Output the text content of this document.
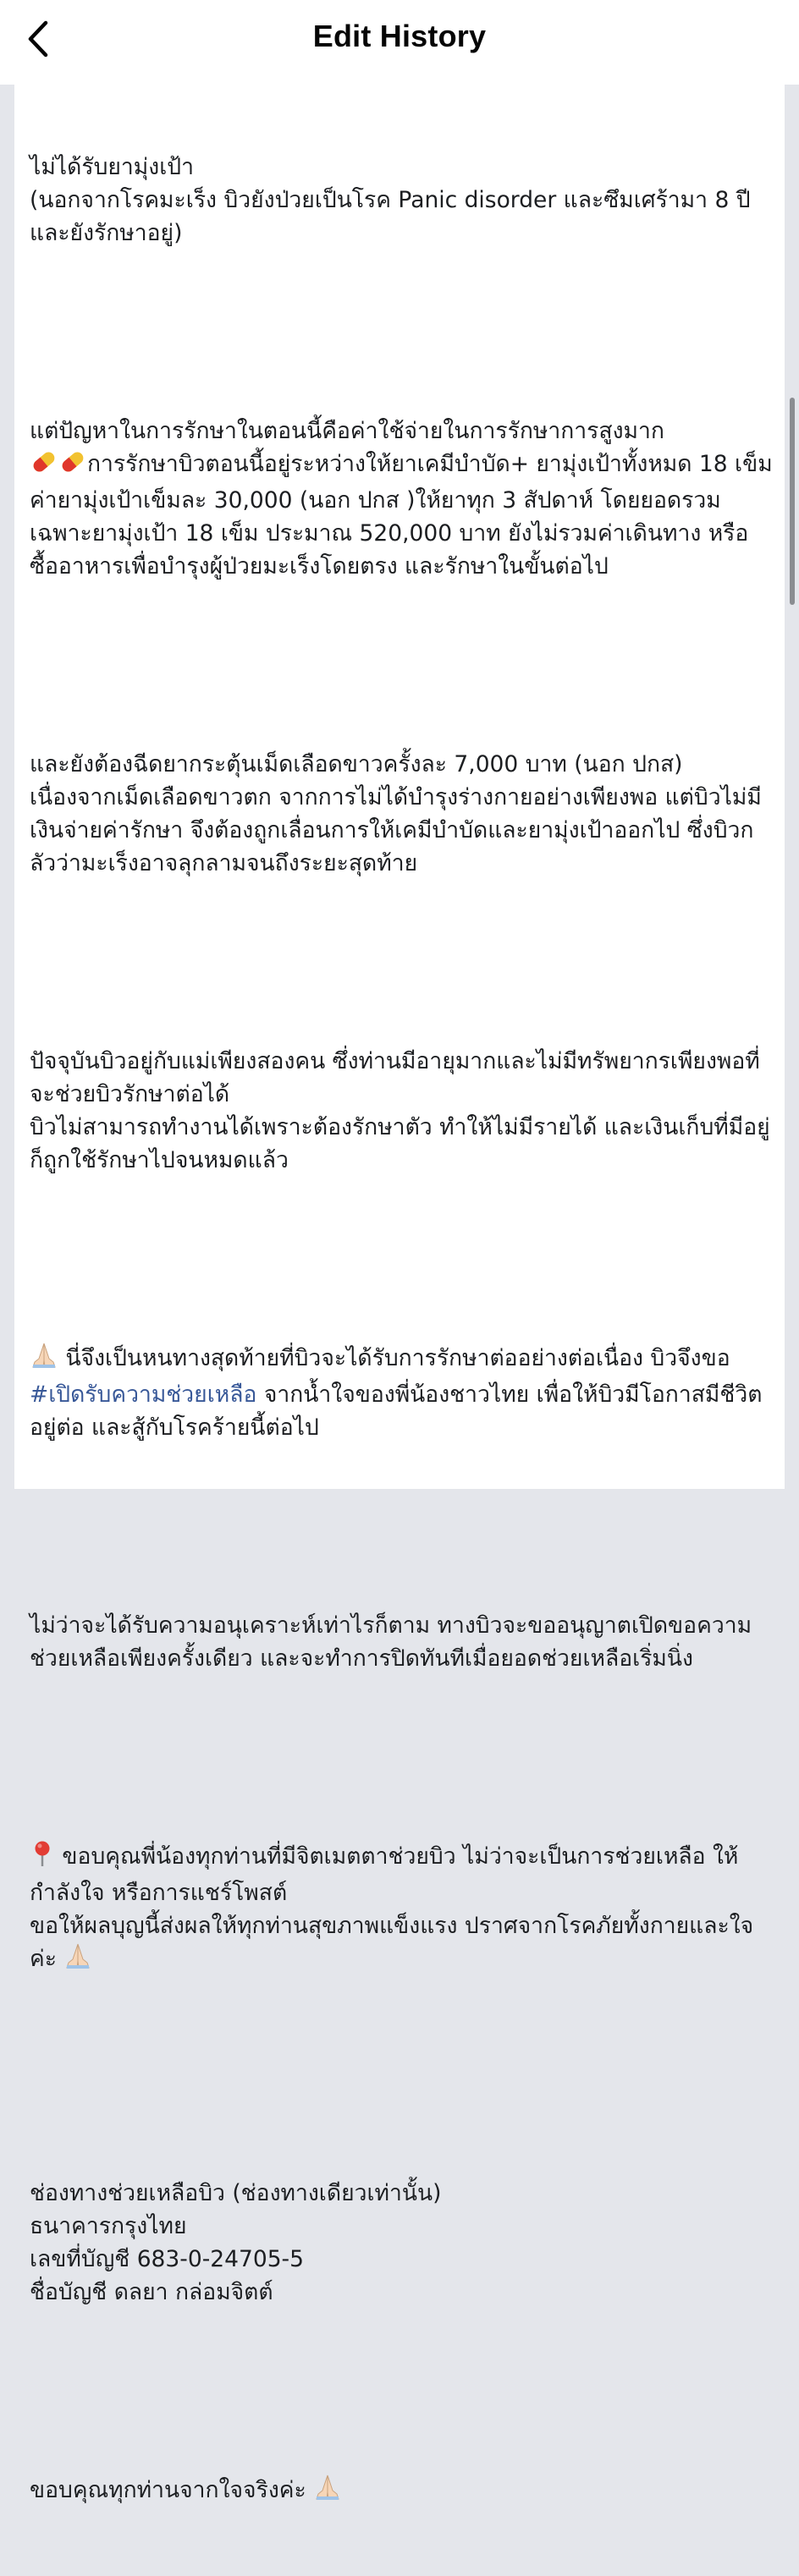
ไม่ได้รับยามุ่งเป้า
(นอกจากโรคมะเร็ง บิวยังป่วยเป็นโรค Panic disorder และซึมเศร้ามา 8 ปี และยังรักษาอยู่)

แต่ปัญหาในการรักษาในตอนนี้คือค่าใช้จ่ายในการรักษาการสูงมาก
การรักษาบิวตอนนี้อยู่ระหว่างให้ยาเคมีบำบัด+ ยามุ่งเป้าทั้งหมด 18 เข็ม ค่ายามุ่งเป้าเข็มละ 30,000 (นอก ปกส )ให้ยาทุก 3 สัปดาห์ โดยยอดรวมเฉพาะยามุ่งเป้า 18 เข็ม ประมาณ 520,000 บาท ยังไม่รวมค่าเดินทาง หรือซื้ออาหารเพื่อบำรุงผู้ป่วยมะเร็งโดยตรง และรักษาในขั้นต่อไป

และยังต้องฉีดยากระตุ้นเม็ดเลือดขาวครั้งละ 7,000 บาท (นอก ปกส) เนื่องจากเม็ดเลือดขาวตก จากการไม่ได้บำรุงร่างกายอย่างเพียงพอ แต่บิวไม่มีเงินจ่ายค่ารักษา จึงต้องถูกเลื่อนการให้เคมีบำบัดและยามุ่งเป้าออกไป ซึ่งบิวกลัวว่ามะเร็งอาจลุกลามจนถึงระยะสุดท้าย

ปัจจุบันบิวอยู่กับแม่เพียงสองคน ซึ่งท่านมีอายุมากและไม่มีทรัพยากรเพียงพอที่จะช่วยบิวรักษาต่อได้
บิวไม่สามารถทำงานได้เพราะต้องรักษาตัว ทำให้ไม่มีรายได้ และเงินเก็บที่มีอยู่ก็ถูกใช้รักษาไปจนหมดแล้ว

นี่จึงเป็นหนทางสุดท้ายที่บิวจะได้รับการรักษาต่ออย่างต่อเนื่อง บิวจึงขอ #เปิดรับความช่วยเหลือ จากน้ำใจของพี่น้องชาวไทย เพื่อให้บิวมีโอกาสมีชีวิตอยู่ต่อ และสู้กับโรคร้ายนี้ต่อไป

ไม่ว่าจะได้รับความอนุเคราะห์เท่าไรก็ตาม ทางบิวจะขออนุญาตเปิดขอความช่วยเหลือเพียงครั้งเดียว และจะทำการปิดทันทีเมื่อยอดช่วยเหลือเริ่มนิ่ง

ขอบคุณพี่น้องทุกท่านที่มีจิตเมตตาช่วยบิว ไม่ว่าจะเป็นการช่วยเหลือ ให้กำลังใจ หรือการแชร์โพสต์
ขอให้ผลบุญนี้ส่งผลให้ทุกท่านสุขภาพแข็งแรง ปราศจากโรคภัยทั้งกายและใจค่ะ

ช่องทางช่วยเหลือบิว (ช่องทางเดียวเท่านั้น)
ธนาคารกรุงไทย
เลขที่บัญชี 683-0-24705-5
ชื่อบัญชี ดลยา กล่อมจิตต์

ขอบคุณทุกท่านจากใจจริงค่ะ

Edit History
